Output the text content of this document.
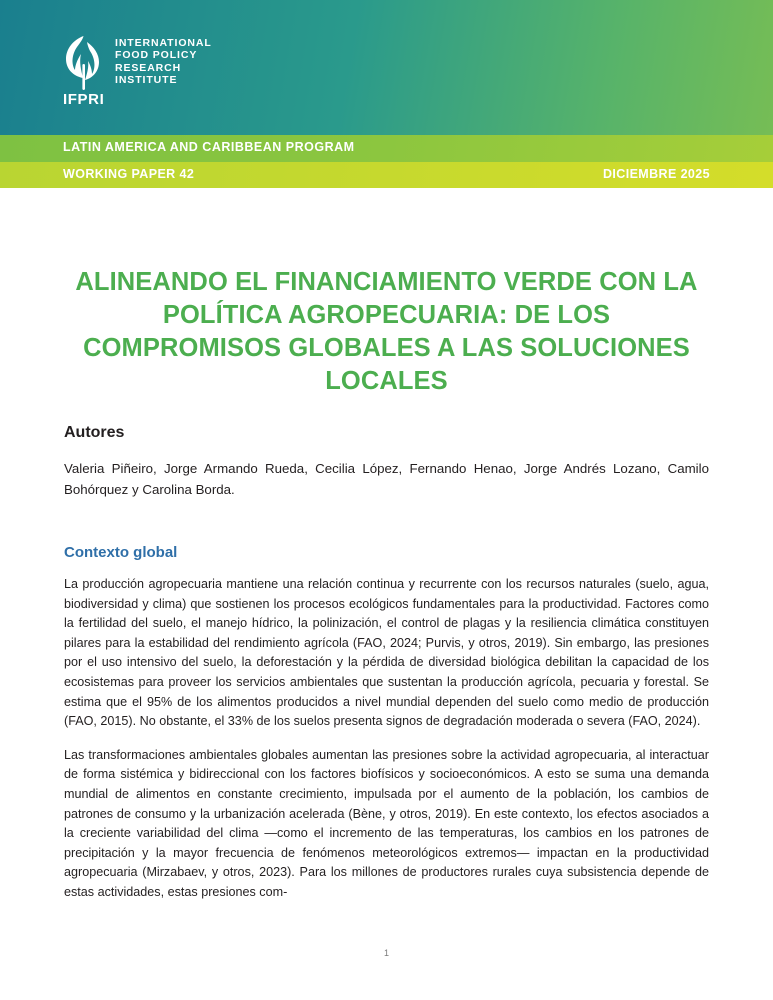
INTERNATIONAL
FOOD POLICY
RESEARCH
INSTITUTE
IFPRI
LATIN AMERICA AND CARIBBEAN PROGRAM
WORKING PAPER 42	DICIEMBRE 2025
ALINEANDO EL FINANCIAMIENTO VERDE CON LA POLÍTICA AGROPECUARIA: DE LOS COMPROMISOS GLOBALES A LAS SOLUCIONES LOCALES
Autores

Valeria Piñeiro, Jorge Armando Rueda, Cecilia López, Fernando Henao, Jorge Andrés Lozano, Camilo Bohórquez y Carolina Borda.

Contexto global

La producción agropecuaria mantiene una relación continua y recurrente con los recursos naturales (suelo, agua, biodiversidad y clima) que sostienen los procesos ecológicos fundamentales para la productividad. Factores como la fertilidad del suelo, el manejo hídrico, la polinización, el control de plagas y la resiliencia climática constituyen pilares para la estabilidad del rendimiento agrícola (FAO, 2024; Purvis, y otros, 2019). Sin embargo, las presiones por el uso intensivo del suelo, la deforestación y la pérdida de diversidad biológica debilitan la capacidad de los ecosistemas para proveer los servicios ambientales que sustentan la producción agrícola, pecuaria y forestal. Se estima que el 95% de los alimentos producidos a nivel mundial dependen del suelo como medio de producción (FAO, 2015). No obstante, el 33% de los suelos presenta signos de degradación moderada o severa (FAO, 2024).

Las transformaciones ambientales globales aumentan las presiones sobre la actividad agropecuaria, al interactuar de forma sistémica y bidireccional con los factores biofísicos y socioeconómicos. A esto se suma una demanda mundial de alimentos en constante crecimiento, impulsada por el aumento de la población, los cambios de patrones de consumo y la urbanización acelerada (Bène, y otros, 2019). En este contexto, los efectos asociados a la creciente variabilidad del clima —como el incremento de las temperaturas, los cambios en los patrones de precipitación y la mayor frecuencia de fenómenos meteorológicos extremos— impactan en la productividad agropecuaria (Mirzabaev, y otros, 2023). Para los millones de productores rurales cuya subsistencia depende de estas actividades, estas presiones com-

1
